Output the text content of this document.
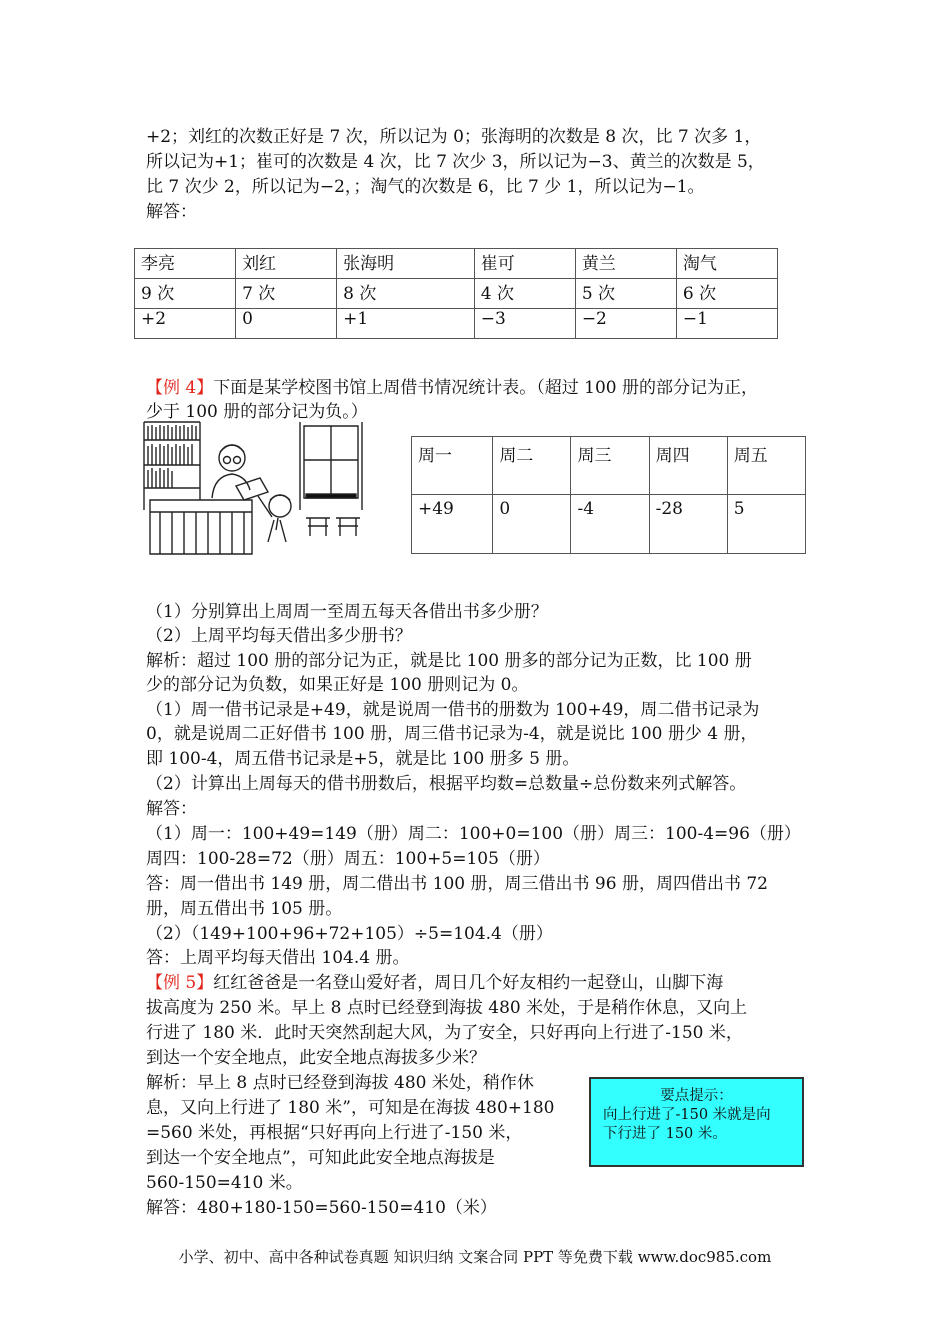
+2；刘红的次数正好是 7 次，所以记为 0；张海明的次数是 8 次，比 7 次多 1，
所以记为+1；崔可的次数是 4 次，比 7 次少 3，所以记为−3、黄兰的次数是 5，
比 7 次少 2，所以记为−2，；淘气的次数是 6，比 7 少 1，所以记为−1。
解答：
李亮	刘红	张海明	崔可	黄兰	淘气
9 次	7 次	8 次	4 次	5 次	6 次
+2	0	+1	−3	−2	−1
【例 4】下面是某学校图书馆上周借书情况统计表。（超过 100 册的部分记为正，
少于 100 册的部分记为负。）
周一	周二	周三	周四	周五
+49	0	-4	-28	5
（1）分别算出上周周一至周五每天各借出书多少册？
（2）上周平均每天借出多少册书？
解析：超过 100 册的部分记为正，就是比 100 册多的部分记为正数，比 100 册
少的部分记为负数，如果正好是 100 册则记为 0。
（1）周一借书记录是+49，就是说周一借书的册数为 100+49，周二借书记录为
0，就是说周二正好借书 100 册，周三借书记录为-4，就是说比 100 册少 4 册，
即 100-4，周五借书记录是+5，就是比 100 册多 5 册。
（2）计算出上周每天的借书册数后，根据平均数=总数量÷总份数来列式解答。
解答：
（1）周一：100+49=149（册）周二：100+0=100（册）周三：100-4=96（册）
周四：100-28=72（册）周五：100+5=105（册）
答：周一借出书 149 册，周二借出书 100 册，周三借出书 96 册，周四借出书 72
册，周五借出书 105 册。
（2）（149+100+96+72+105）÷5=104.4（册）
答：上周平均每天借出 104.4 册。
【例 5】红红爸爸是一名登山爱好者，周日几个好友相约一起登山，山脚下海
拔高度为 250 米。早上 8 点时已经登到海拔 480 米处，于是稍作休息，又向上
行进了 180 米．此时天突然刮起大风，为了安全，只好再向上行进了-150 米，
到达一个安全地点，此安全地点海拔多少米？
解析：早上 8 点时已经登到海拔 480 米处，稍作休
息，又向上行进了 180 米”，可知是在海拔 480+180
=560 米处，再根据“只好再向上行进了-150 米，
到达一个安全地点”，可知此此安全地点海拔是
560-150=410 米。
解答：480+180-150=560-150=410（米）
要点提示：
向上行进了-150 米就是向
下行进了 150 米。
小学、初中、高中各种试卷真题 知识归纳 文案合同 PPT 等免费下载 www.doc985.com
